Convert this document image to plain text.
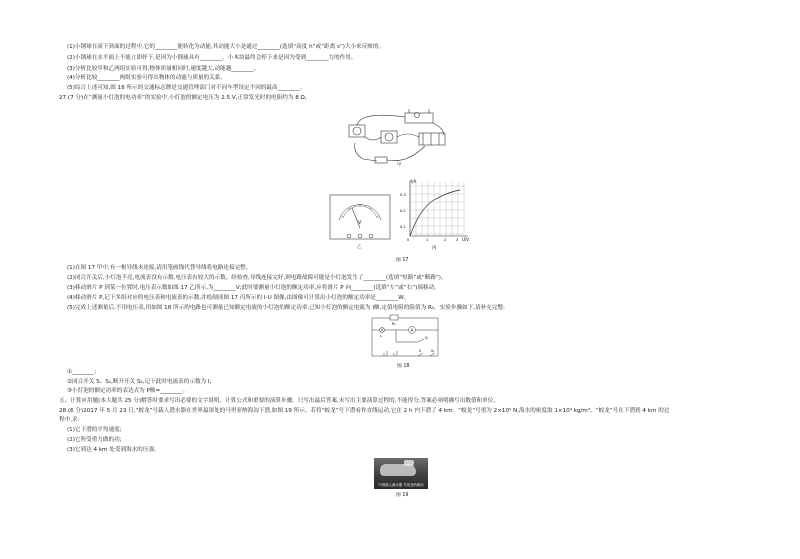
(1)小钢球在滚下斜面的过程中,它的________能转化为动能,其动能大小是通过________(选填“高度 h”或“距离 s”)大小来反映的。
(2)小钢球在水平面上不能立即停下,是因为小钢球具有________。小木块最终会停下来是因为受到________力的作用。
(3)分析比较甲和乙两组实验可得,物体质量相同时,速度越大,动能越________。
(4)分析比较________两组实验可得出物体的动能与质量的关系。
(5)综合上述可知,图 16 所示的交通标志牌是交通管理部门对不同车型设定不同的最高________。
27.(7 分)在“测量小灯泡的电功率”的实验中,小灯泡的额定电压为 2.5 V,正常发光时的电阻约为 8 Ω。
甲
V
乙
I/A
U/V
0.3
0.2
0.1
0	1	2	3
丙
图 17
(1)在图 17 甲中,有一根导线未连接,请用笔画线代替导线将电路连接完整。
(2)闭合开关后,小灯泡不亮,电流表没有示数,电压表有较大的示数。经检查,导线连接完好,则电路故障可能是小灯泡发生了________(选填“短路”或“断路”)。
(3)移动滑片 P 到某一位置时,电压表示数如图 17 乙所示,为________V;此时要测量小灯泡的额定功率,应将滑片 P 向________(选填“左”或“右”)端移动。
(4)移动滑片 P,记下多组对应的电压表和电流表的示数,并绘制成图 17 丙所示的 I-U 图像,由图像可计算出小灯泡的额定功率是________W。
(5)完成上述测量后,不用电压表,用如图 18 所示的电路也可测量已知额定电流的小灯泡的额定功率,已知小灯泡的额定电流为 I额,定值电阻的阻值为 R₀。实验步骤如下,请补充完整:
A
R₀
L	S₁
S	S₂
图 18
①________;
②闭合开关 S、S₁,断开开关 S₂,记下此时电流表的示数为 I;
③小灯泡的额定功率的表达式为 P额=________。
五、计算应用题(本大题共 25 分)解答时要求写出必要的文字说明、计算公式和重要的演算步骤。只写出最后答案,未写出主要演算过程的,不能得分,答案必须明确写出数值和单位。
28.(6 分)2017 年 5 月 23 日,“蛟龙”号载人潜水器在世界最深处的马里亚纳海沟下潜,如图 19 所示。若将“蛟龙”号下潜看作直线运动,它在 2 h 内下潜了 4 km。“蛟龙”号重为 2×10⁵ N,海水的密度取 1×10³ kg/m³。“蛟龙”号在下潜到 4 km 的过
程中,求:
(1)它下潜的平均速度;
(2)它所受重力做的功;
(3)它到达 4 km 处受到海水的压强。
中国载人潜水器 马里亚纳海沟
图 19
